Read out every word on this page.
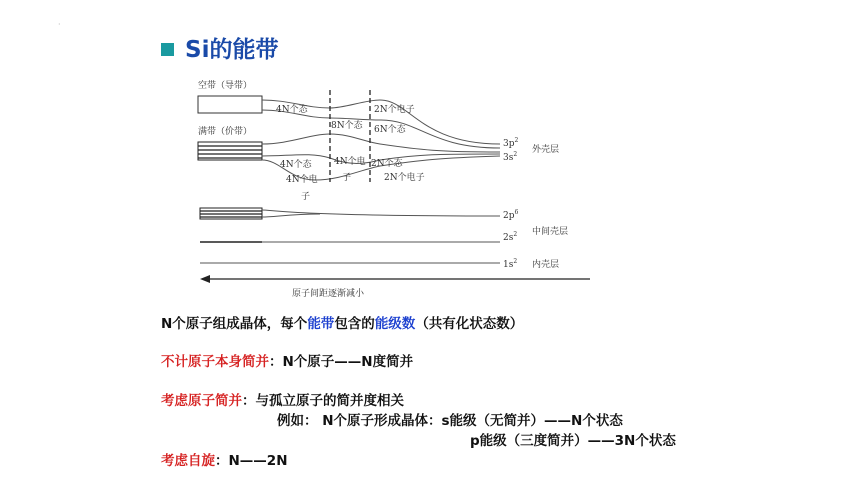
·
Si的能带
空带（导带）
满带（价带）
原子间距逐渐减小
4N个态
8N个态
2N个电子
6N个态
4N个态 4N个电
子
2N个态
2N个电子
4N个电
子
$3p^2$
$3s^2$ 外壳层
$2p^6$
$2s^2$ 中间壳层
$1s^2$ 内壳层
N个原子组成晶体，每个能带包含的能级数（共有化状态数）
不计原子本身简并：N个原子——N度简并
考虑原子简并：与孤立原子的简并度相关
例如： N个原子形成晶体：s能级（无简并）——N个状态
p能级（三度简并）——3N个状态
考虑自旋：N——2N
